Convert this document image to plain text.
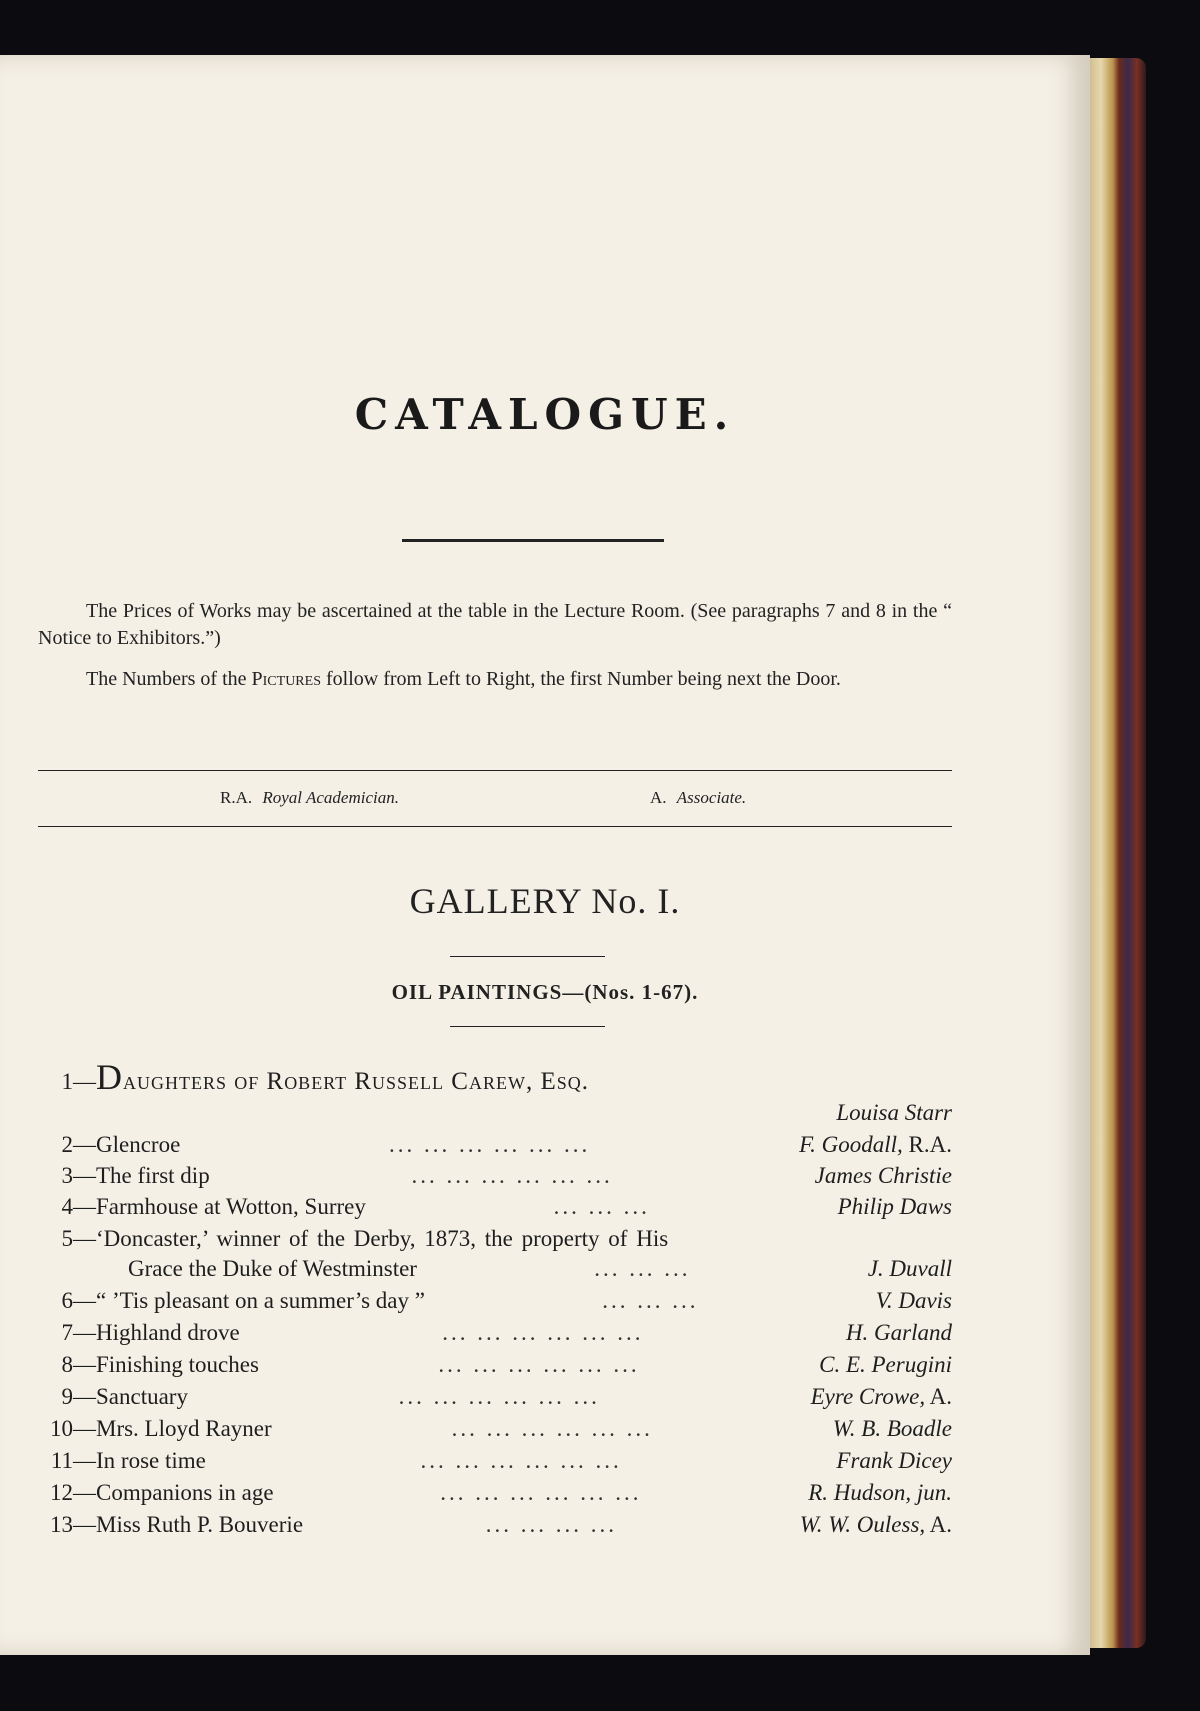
CATALOGUE.
The Prices of Works may be ascertained at the table in the Lecture Room. (See paragraphs 7 and 8 in the “ Notice to Exhibitors.”)
The Numbers of the Pictures follow from Left to Right, the first Number being next the Door.
R.A. Royal Academician.	A. Associate.
GALLERY No. I.
OIL PAINTINGS—(Nos. 1-67).
1— Daughters of Robert Russell Carew, Esq.
Louisa Starr
2— Glencroe	... ... ... ... ... ...	F. Goodall, R.A.
3— The first dip	... ... ... ... ... ...	James Christie
4— Farmhouse at Wotton, Surrey	... ... ...	Philip Daws
5— ‘Doncaster,’ winner of the Derby, 1873, the property of His
Grace the Duke of Westminster	... ... ...	J. Duvall
6— “ ’Tis pleasant on a summer’s day ”	... ... ...	V. Davis
7— Highland drove	... ... ... ... ... ...	H. Garland
8— Finishing touches	... ... ... ... ... ...	C. E. Perugini
9— Sanctuary	... ... ... ... ... ...	Eyre Crowe, A.
10— Mrs. Lloyd Rayner	... ... ... ... ... ...	W. B. Boadle
11— In rose time	... ... ... ... ... ...	Frank Dicey
12— Companions in age	... ... ... ... ... ...	R. Hudson, jun.
13— Miss Ruth P. Bouverie	... ... ... ...	W. W. Ouless, A.
